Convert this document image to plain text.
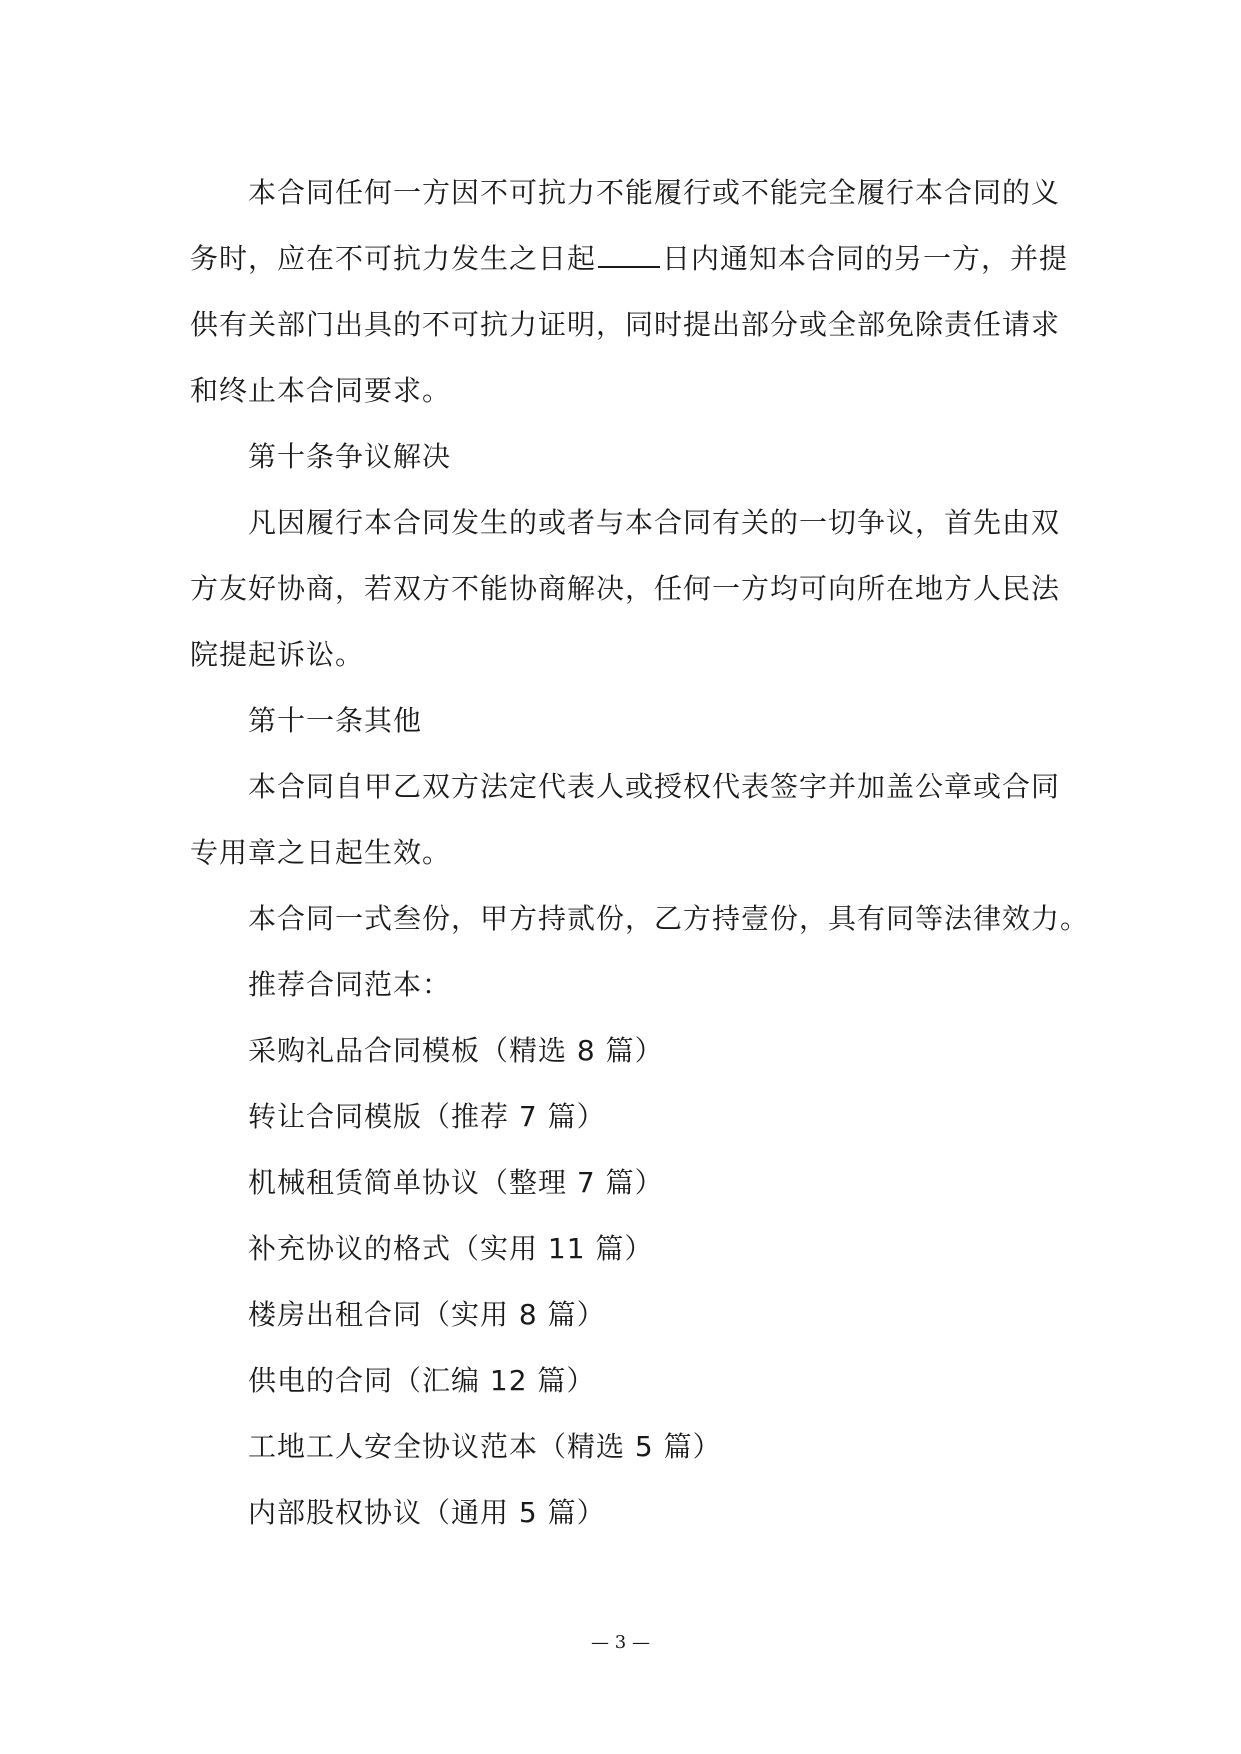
本合同任何一方因不可抗力不能履行或不能完全履行本合同的义
务时，应在不可抗力发生之日起 日内通知本合同的另一方，并提
供有关部门出具的不可抗力证明，同时提出部分或全部免除责任请求
和终止本合同要求。
第十条争议解决
凡因履行本合同发生的或者与本合同有关的一切争议，首先由双
方友好协商，若双方不能协商解决，任何一方均可向所在地方人民法
院提起诉讼。
第十一条其他
本合同自甲乙双方法定代表人或授权代表签字并加盖公章或合同
专用章之日起生效。
本合同一式叁份，甲方持贰份，乙方持壹份，具有同等法律效力。
推荐合同范本：
采购礼品合同模板（精选 8 篇）
转让合同模版（推荐 7 篇）
机械租赁简单协议（整理 7 篇）
补充协议的格式（实用 11 篇）
楼房出租合同（实用 8 篇）
供电的合同（汇编 12 篇）
工地工人安全协议范本（精选 5 篇）
内部股权协议（通用 5 篇）
— 3 —
